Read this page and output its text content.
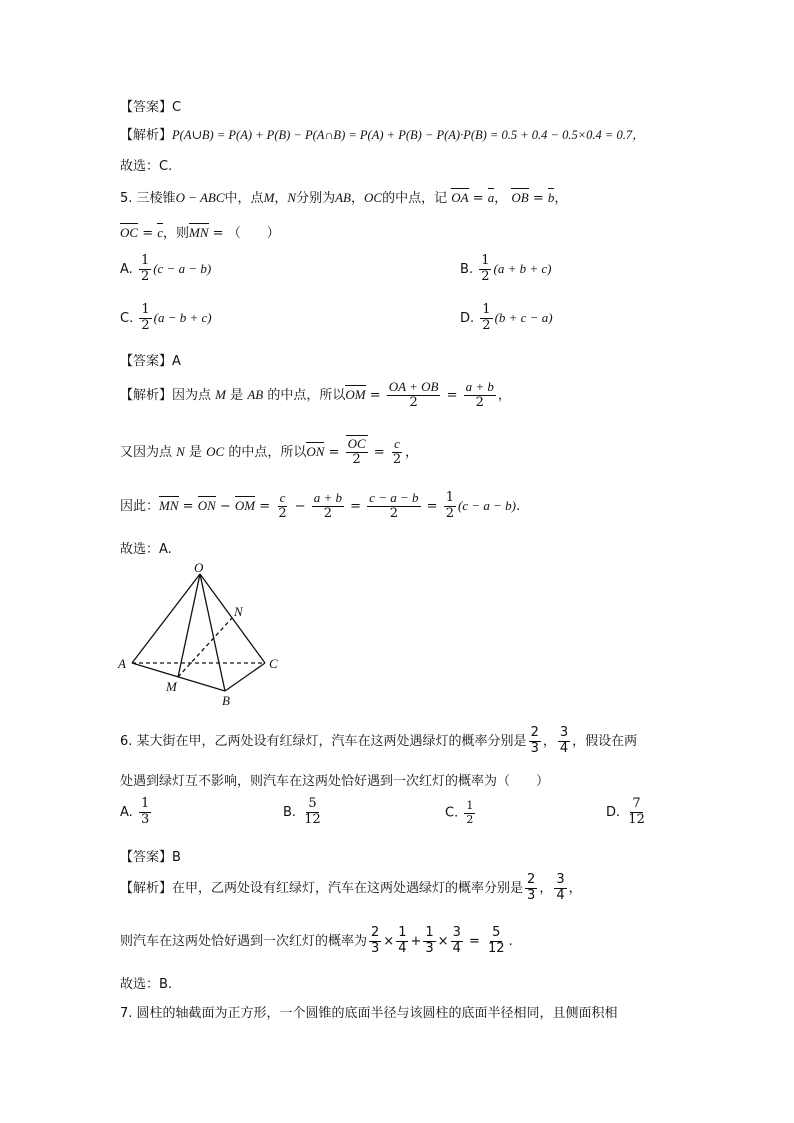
【答案】C
【解析】P(A∪B) = P(A) + P(B) − P(A∩B) = P(A) + P(B) − P(A)·P(B) = 0.5 + 0.4 − 0.5×0.4 = 0.7，
故选：C.
5. 三棱锥O − ABC中，点M，N分别为AB，OC的中点，记 OA = a， OB = b，
OC = c，则MN = （　　）
A. $\frac{1}{2} (c - a - b)$	B. $\frac{1}{2} (a + b + c)$
C. $\frac{1}{2} (a - b + c)$	D. $\frac{1}{2} (b + c - a)$
【答案】A
【解析】因为点 M 是 AB 的中点，所以OM = $\frac{OA + OB}{2} = \frac{a + b}{2}$ ，
又因为点 N 是 OC 的中点，所以ON = $\frac{OC}{2} = \frac{c}{2}$ ，
因此：MN = ON − OM = $\frac{c}{2} - \frac{a + b}{2} = \frac{c - a - b}{2} = \frac{1}{2} (c - a - b)$.
故选：A.
O
N
A	C
M
B
6. 某大街在甲，乙两处设有红绿灯，汽车在这两处遇绿灯的概率分别是 $\frac{2}{3}$ ， $\frac{3}{4}$ ，假设在两
处遇到绿灯互不影响，则汽车在这两处恰好遇到一次红灯的概率为（　　）
A. $\frac{1}{3}$	B. $\frac{5}{12}$	C. $\frac{1}{2}$	D. $\frac{7}{12}$
【答案】B
【解析】在甲，乙两处设有红绿灯，汽车在这两处遇绿灯的概率分别是 $\frac{2}{3}$ ， $\frac{3}{4}$ ，
则汽车在这两处恰好遇到一次红灯的概率为 $\frac{2}{3} \times \frac{1}{4} + \frac{1}{3} \times \frac{3}{4} = \frac{5}{12}$ .
故选：B.
7. 圆柱的轴截面为正方形，一个圆锥的底面半径与该圆柱的底面半径相同，且侧面积相
